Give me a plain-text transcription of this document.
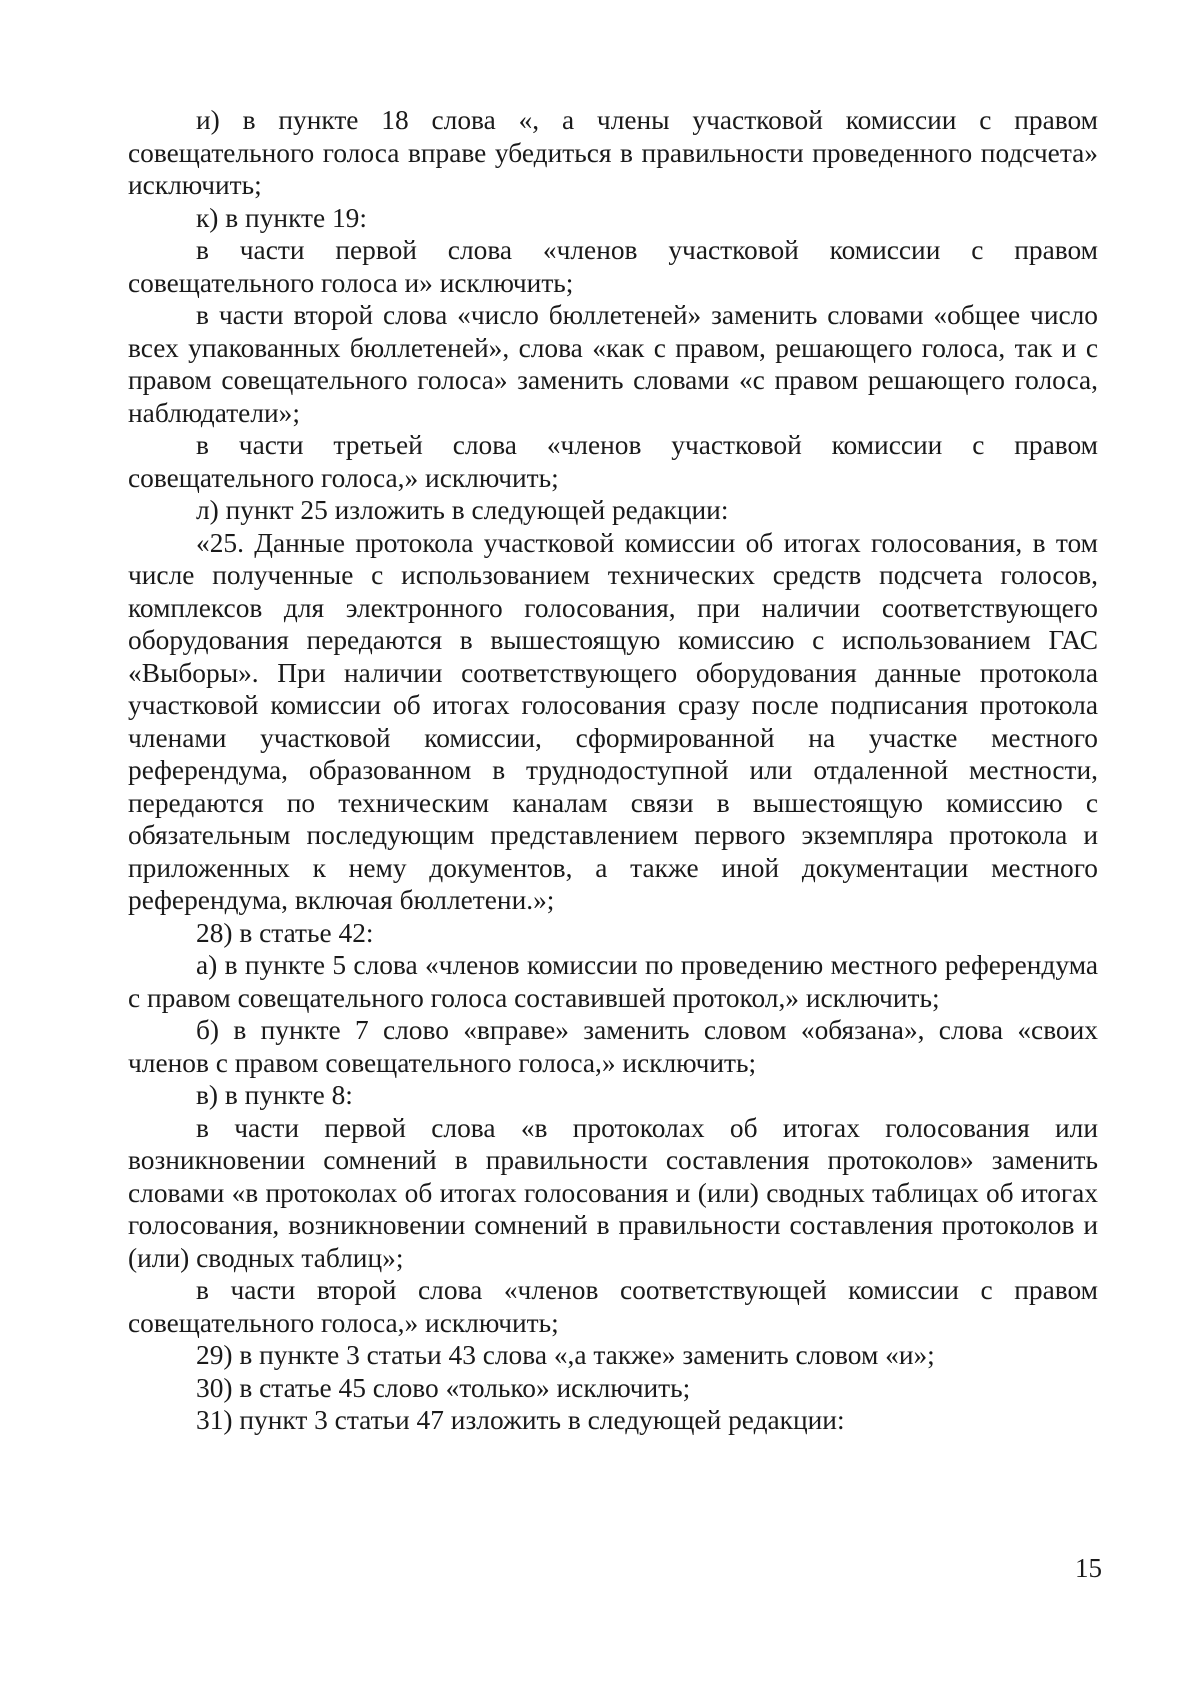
и) в пункте 18 слова «, а члены участковой комиссии с правом совещательного голоса вправе убедиться в правильности проведенного подсчета» исключить;

к) в пункте 19:

в части первой слова «членов участковой комиссии с правом совещательного голоса и» исключить;

в части второй слова «число бюллетеней» заменить словами «общее число всех упакованных бюллетеней», слова «как с правом, решающего голоса, так и с правом совещательного голоса» заменить словами «с правом решающего голоса, наблюдатели»;

в части третьей слова «членов участковой комиссии с правом совещательного голоса,» исключить;

л) пункт 25 изложить в следующей редакции:

«25. Данные протокола участковой комиссии об итогах голосования, в том числе полученные с использованием технических средств подсчета голосов, комплексов для электронного голосования, при наличии соответствующего оборудования передаются в вышестоящую комиссию с использованием ГАС «Выборы». При наличии соответствующего оборудования данные протокола участковой комиссии об итогах голосования сразу после подписания протокола членами участковой комиссии, сформированной на участке местного референдума, образованном в труднодоступной или отдаленной местности, передаются по техническим каналам связи в вышестоящую комиссию с обязательным последующим представлением первого экземпляра протокола и приложенных к нему документов, а также иной документации местного референдума, включая бюллетени.»;

28) в статье 42:

а) в пункте 5 слова «членов комиссии по проведению местного референдума с правом совещательного голоса составившей протокол,» исключить;

б) в пункте 7 слово «вправе» заменить словом «обязана», слова «своих членов с правом совещательного голоса,» исключить;

в) в пункте 8:

в части первой слова «в протоколах об итогах голосования или возникновении сомнений в правильности составления протоколов» заменить словами «в протоколах об итогах голосования и (или) сводных таблицах об итогах голосования, возникновении сомнений в правильности составления протоколов и (или) сводных таблиц»;

в части второй слова «членов соответствующей комиссии с правом совещательного голоса,» исключить;

29) в пункте 3 статьи 43 слова «,а также» заменить словом «и»;

30) в статье 45 слово «только» исключить;

31) пункт 3 статьи 47 изложить в следующей редакции:

15
